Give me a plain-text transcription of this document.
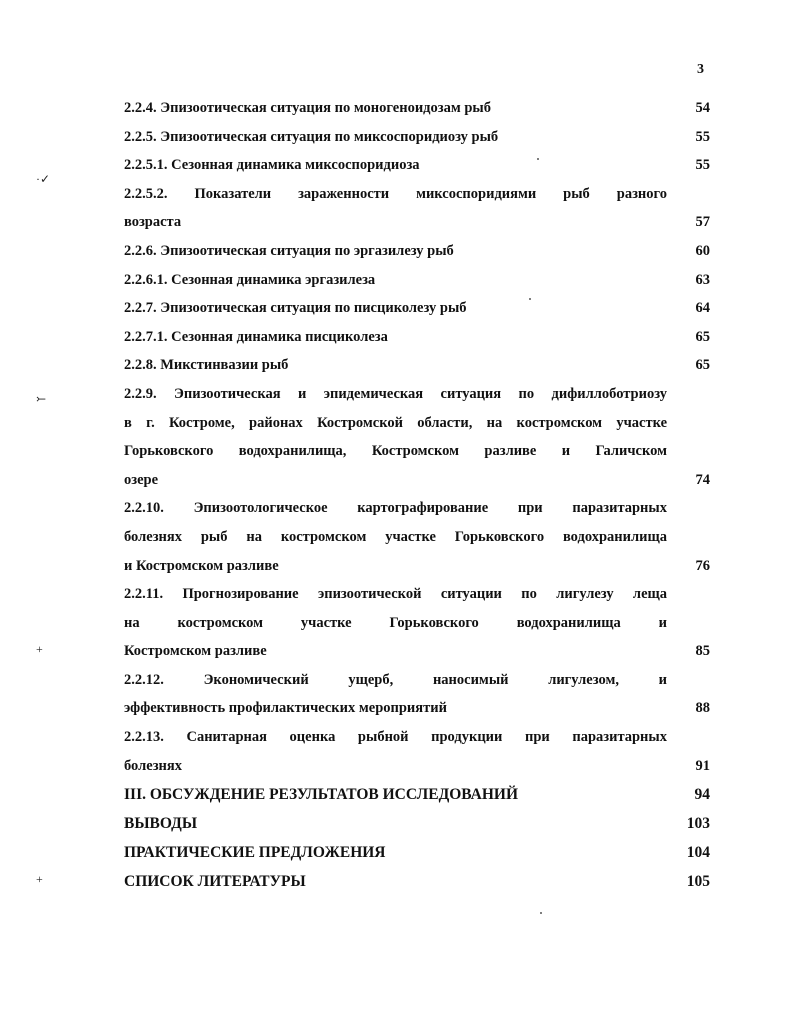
3
2.2.4. Эпизоотическая ситуация по моногеноидозам рыб	54
2.2.5. Эпизоотическая ситуация по миксоспоридиозу рыб	55
2.2.5.1. Сезонная динамика миксоспоридиоза	55
2.2.5.2. Показатели зараженности миксоспоридиями рыб разного
возраста	57
2.2.6. Эпизоотическая ситуация по эргазилезу рыб	60
2.2.6.1. Сезонная динамика эргазилеза	63
2.2.7. Эпизоотическая ситуация по писциколезу рыб	64
2.2.7.1. Сезонная динамика писциколеза	65
2.2.8. Микстинвазии рыб	65
2.2.9. Эпизоотическая и эпидемическая ситуация по дифиллоботриозу
в г. Костроме, районах Костромской области, на костромском участке
Горьковского водохранилища, Костромском разливе и Галичском
озере	74
2.2.10. Эпизоотологическое картографирование при паразитарных
болезнях рыб на костромском участке Горьковского водохранилища
и Костромском разливе	76
2.2.11. Прогнозирование эпизоотической ситуации по лигулезу леща
на костромском участке Горьковского водохранилища и
Костромском разливе	85
2.2.12. Экономический ущерб, наносимый лигулезом, и
эффективность профилактических мероприятий	88
2.2.13. Санитарная оценка рыбной продукции при паразитарных
болезнях	91
III. ОБСУЖДЕНИЕ РЕЗУЛЬТАТОВ ИССЛЕДОВАНИЙ	94
ВЫВОДЫ	103
ПРАКТИЧЕСКИЕ ПРЕДЛОЖЕНИЯ	104
СПИСОК ЛИТЕРАТУРЫ	105
·✓
⤚
+
+
